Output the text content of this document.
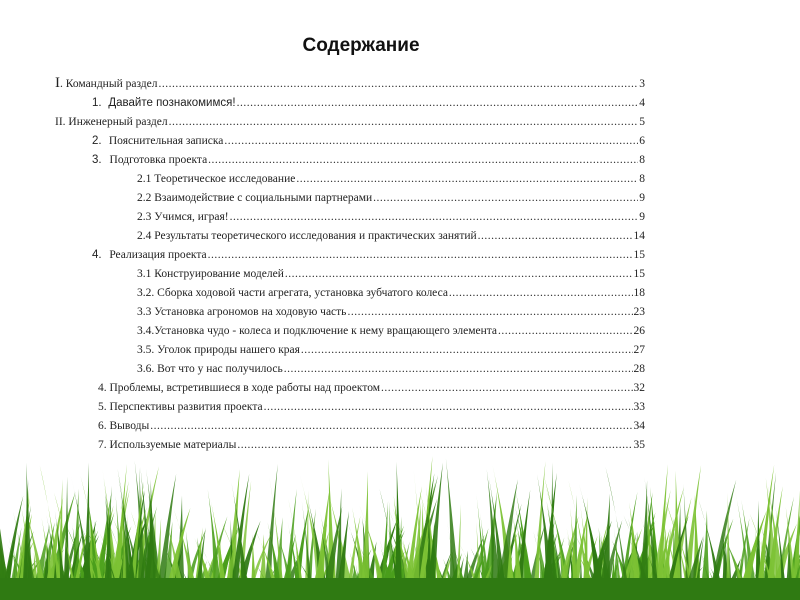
Содержание
I . Командный раздел .....	3
1. Давайте познакомимся! .....	4
II. Инженерный раздел .....	5
2. Пояснительная записка .....	6
3. Подготовка проекта .....	8
2.1 Теоретическое исследование .....	8
2.2 Взаимодействие с социальными партнерами .....	9
2.3 Учимся, играя! .....	9
2.4 Результаты теоретического исследования и практических занятий .....	14
4. Реализация проекта .....	15
3.1 Конструирование моделей .....	15
3.2. Сборка ходовой части агрегата, установка зубчатого колеса .....	18
3.3 Установка агрономов на ходовую часть .....	23
3.4.Установка чудо - колеса и подключение к нему вращающего элемента .....	26
3.5. Уголок природы нашего края .....	27
3.6. Вот что у нас получилось .....	28
4. Проблемы, встретившиеся в ходе работы над проектом .....	32
5. Перспективы развития проекта .....	33
6. Выводы .....	34
7. Используемые материалы .....	35
